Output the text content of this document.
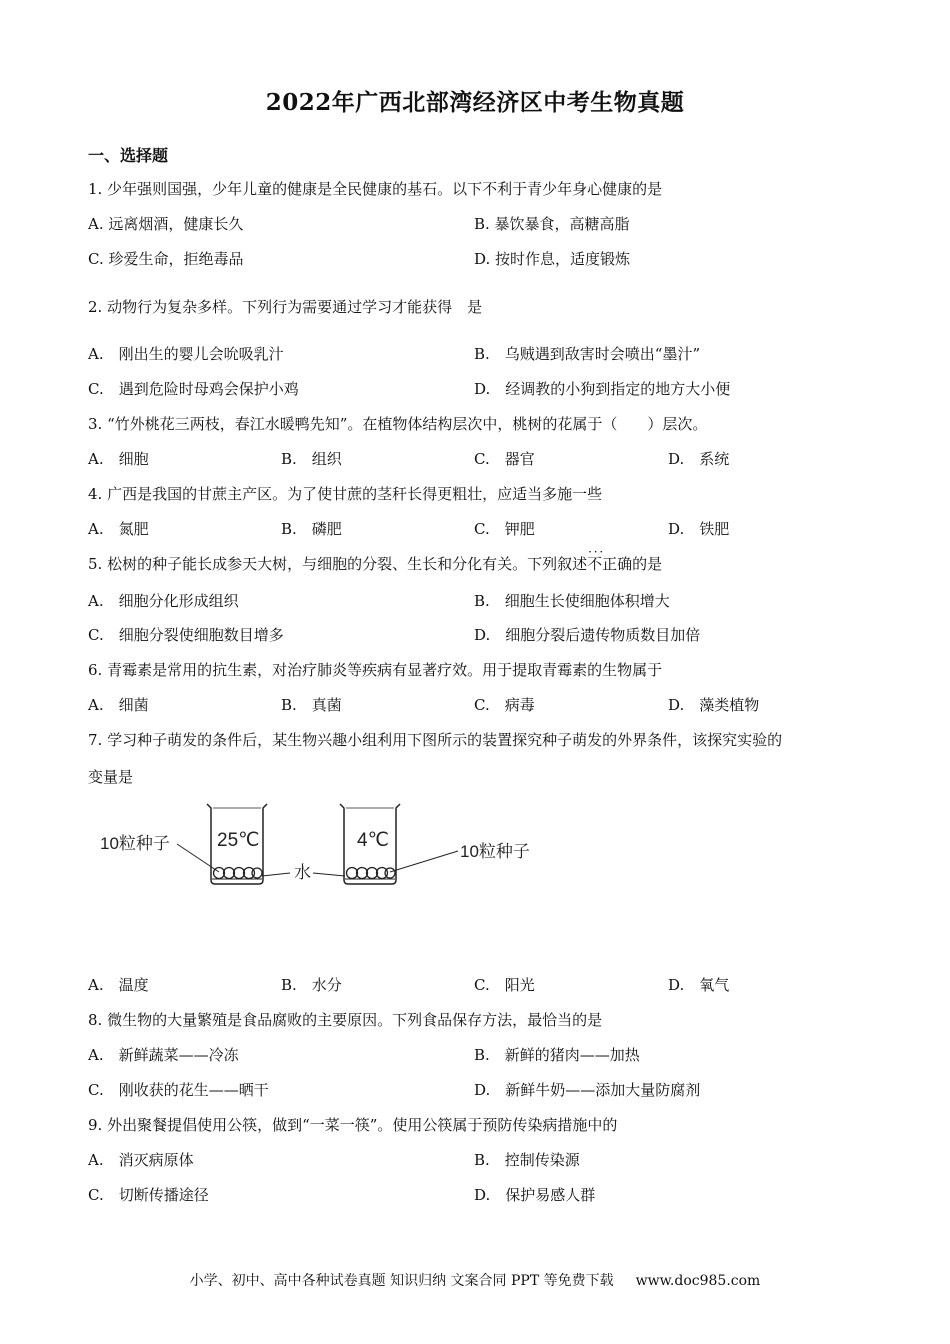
2022年广西北部湾经济区中考生物真题
一、选择题
1. 少年强则国强，少年儿童的健康是全民健康的基石。以下不利于青少年身心健康的是
A. 远离烟酒，健康长久	B. 暴饮暴食，高糖高脂
C. 珍爱生命，拒绝毒品	D. 按时作息，适度锻炼
2. 动物行为复杂多样。下列行为需要通过学习才能获得　是
A.　刚出生的婴儿会吮吸乳汁	B.　乌贼遇到敌害时会喷出“墨汁”
C.　遇到危险时母鸡会保护小鸡	D.　经调教的小狗到指定的地方大小便
3. “竹外桃花三两枝，春江水暖鸭先知”。在植物体结构层次中，桃树的花属于（　　）层次。
A.　细胞	B.　组织	C.　器官	D.　系统
4. 广西是我国的甘蔗主产区。为了使甘蔗的茎秆长得更粗壮，应适当多施一些
A.　氮肥	B.　磷肥	C.　钾肥	D.　铁肥
5. 松树的种子能长成参天大树，与细胞的分裂、生长和分化有关。下列叙述不正确 · · ·的是
A.　细胞分化形成组织	B.　细胞生长使细胞体积增大
C.　细胞分裂使细胞数目增多	D.　细胞分裂后遗传物质数目加倍
6. 青霉素是常用的抗生素，对治疗肺炎等疾病有显著疗效。用于提取青霉素的生物属于
A.　细菌	B.　真菌	C.　病毒	D.　藻类植物
7. 学习种子萌发的条件后，某生物兴趣小组利用下图所示的装置探究种子萌发的外界条件，该探究实验的
变量是
25℃	4℃
10粒种子	10粒种子
水
A.　温度	B.　水分	C.　阳光	D.　氧气
8. 微生物的大量繁殖是食品腐败的主要原因。下列食品保存方法，最恰当的是
A.　新鲜蔬菜——冷冻	B.　新鲜的猪肉——加热
C.　刚收获的花生——晒干	D.　新鲜牛奶——添加大量防腐剂
9. 外出聚餐提倡使用公筷，做到“一菜一筷”。使用公筷属于预防传染病措施中的
A.　消灭病原体	B.　控制传染源
C.　切断传播途径	D.　保护易感人群
小学、初中、高中各种试卷真题 知识归纳 文案合同 PPT 等免费下载 www.doc985.com
